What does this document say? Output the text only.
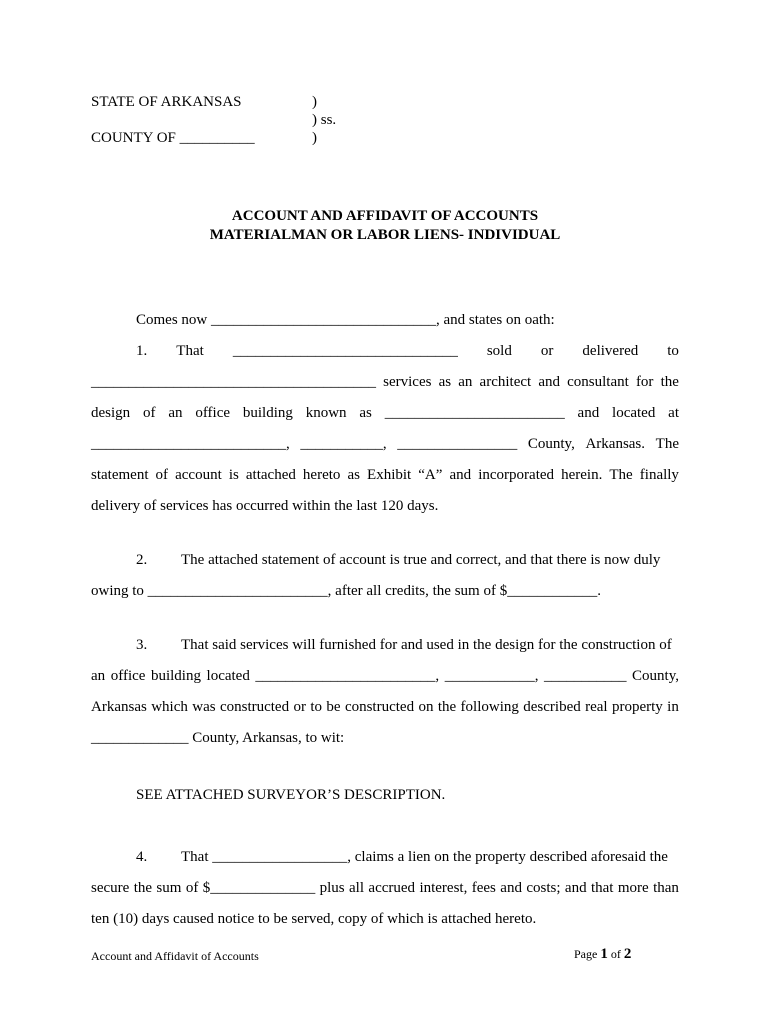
STATE OF ARKANSAS	)
) ss.
COUNTY OF __________	)
ACCOUNT AND AFFIDAVIT OF ACCOUNTS
MATERIALMAN OR LABOR LIENS- INDIVIDUAL
Comes now ______________________________, and states on oath:
1. That ______________________________ sold or delivered to
______________________________________ services as an architect and consultant for the
design of an office building known as ________________________ and located at
__________________________, ___________, ________________ County, Arkansas. The
statement of account is attached hereto as Exhibit “A” and incorporated herein. The finally
delivery of services has occurred within the last 120 days.
2. The attached statement of account is true and correct, and that there is now duly
owing to ________________________, after all credits, the sum of $____________.
3. That said services will furnished for and used in the design for the construction of
an office building located ________________________, ____________, ___________ County,
Arkansas which was constructed or to be constructed on the following described real property in
_____________ County, Arkansas, to wit:
SEE ATTACHED SURVEYOR’S DESCRIPTION.
4. That __________________, claims a lien on the property described aforesaid the
secure the sum of $______________ plus all accrued interest, fees and costs; and that more than
ten (10) days caused notice to be served, copy of which is attached hereto.
Account and Affidavit of Accounts	Page 1 of 2
